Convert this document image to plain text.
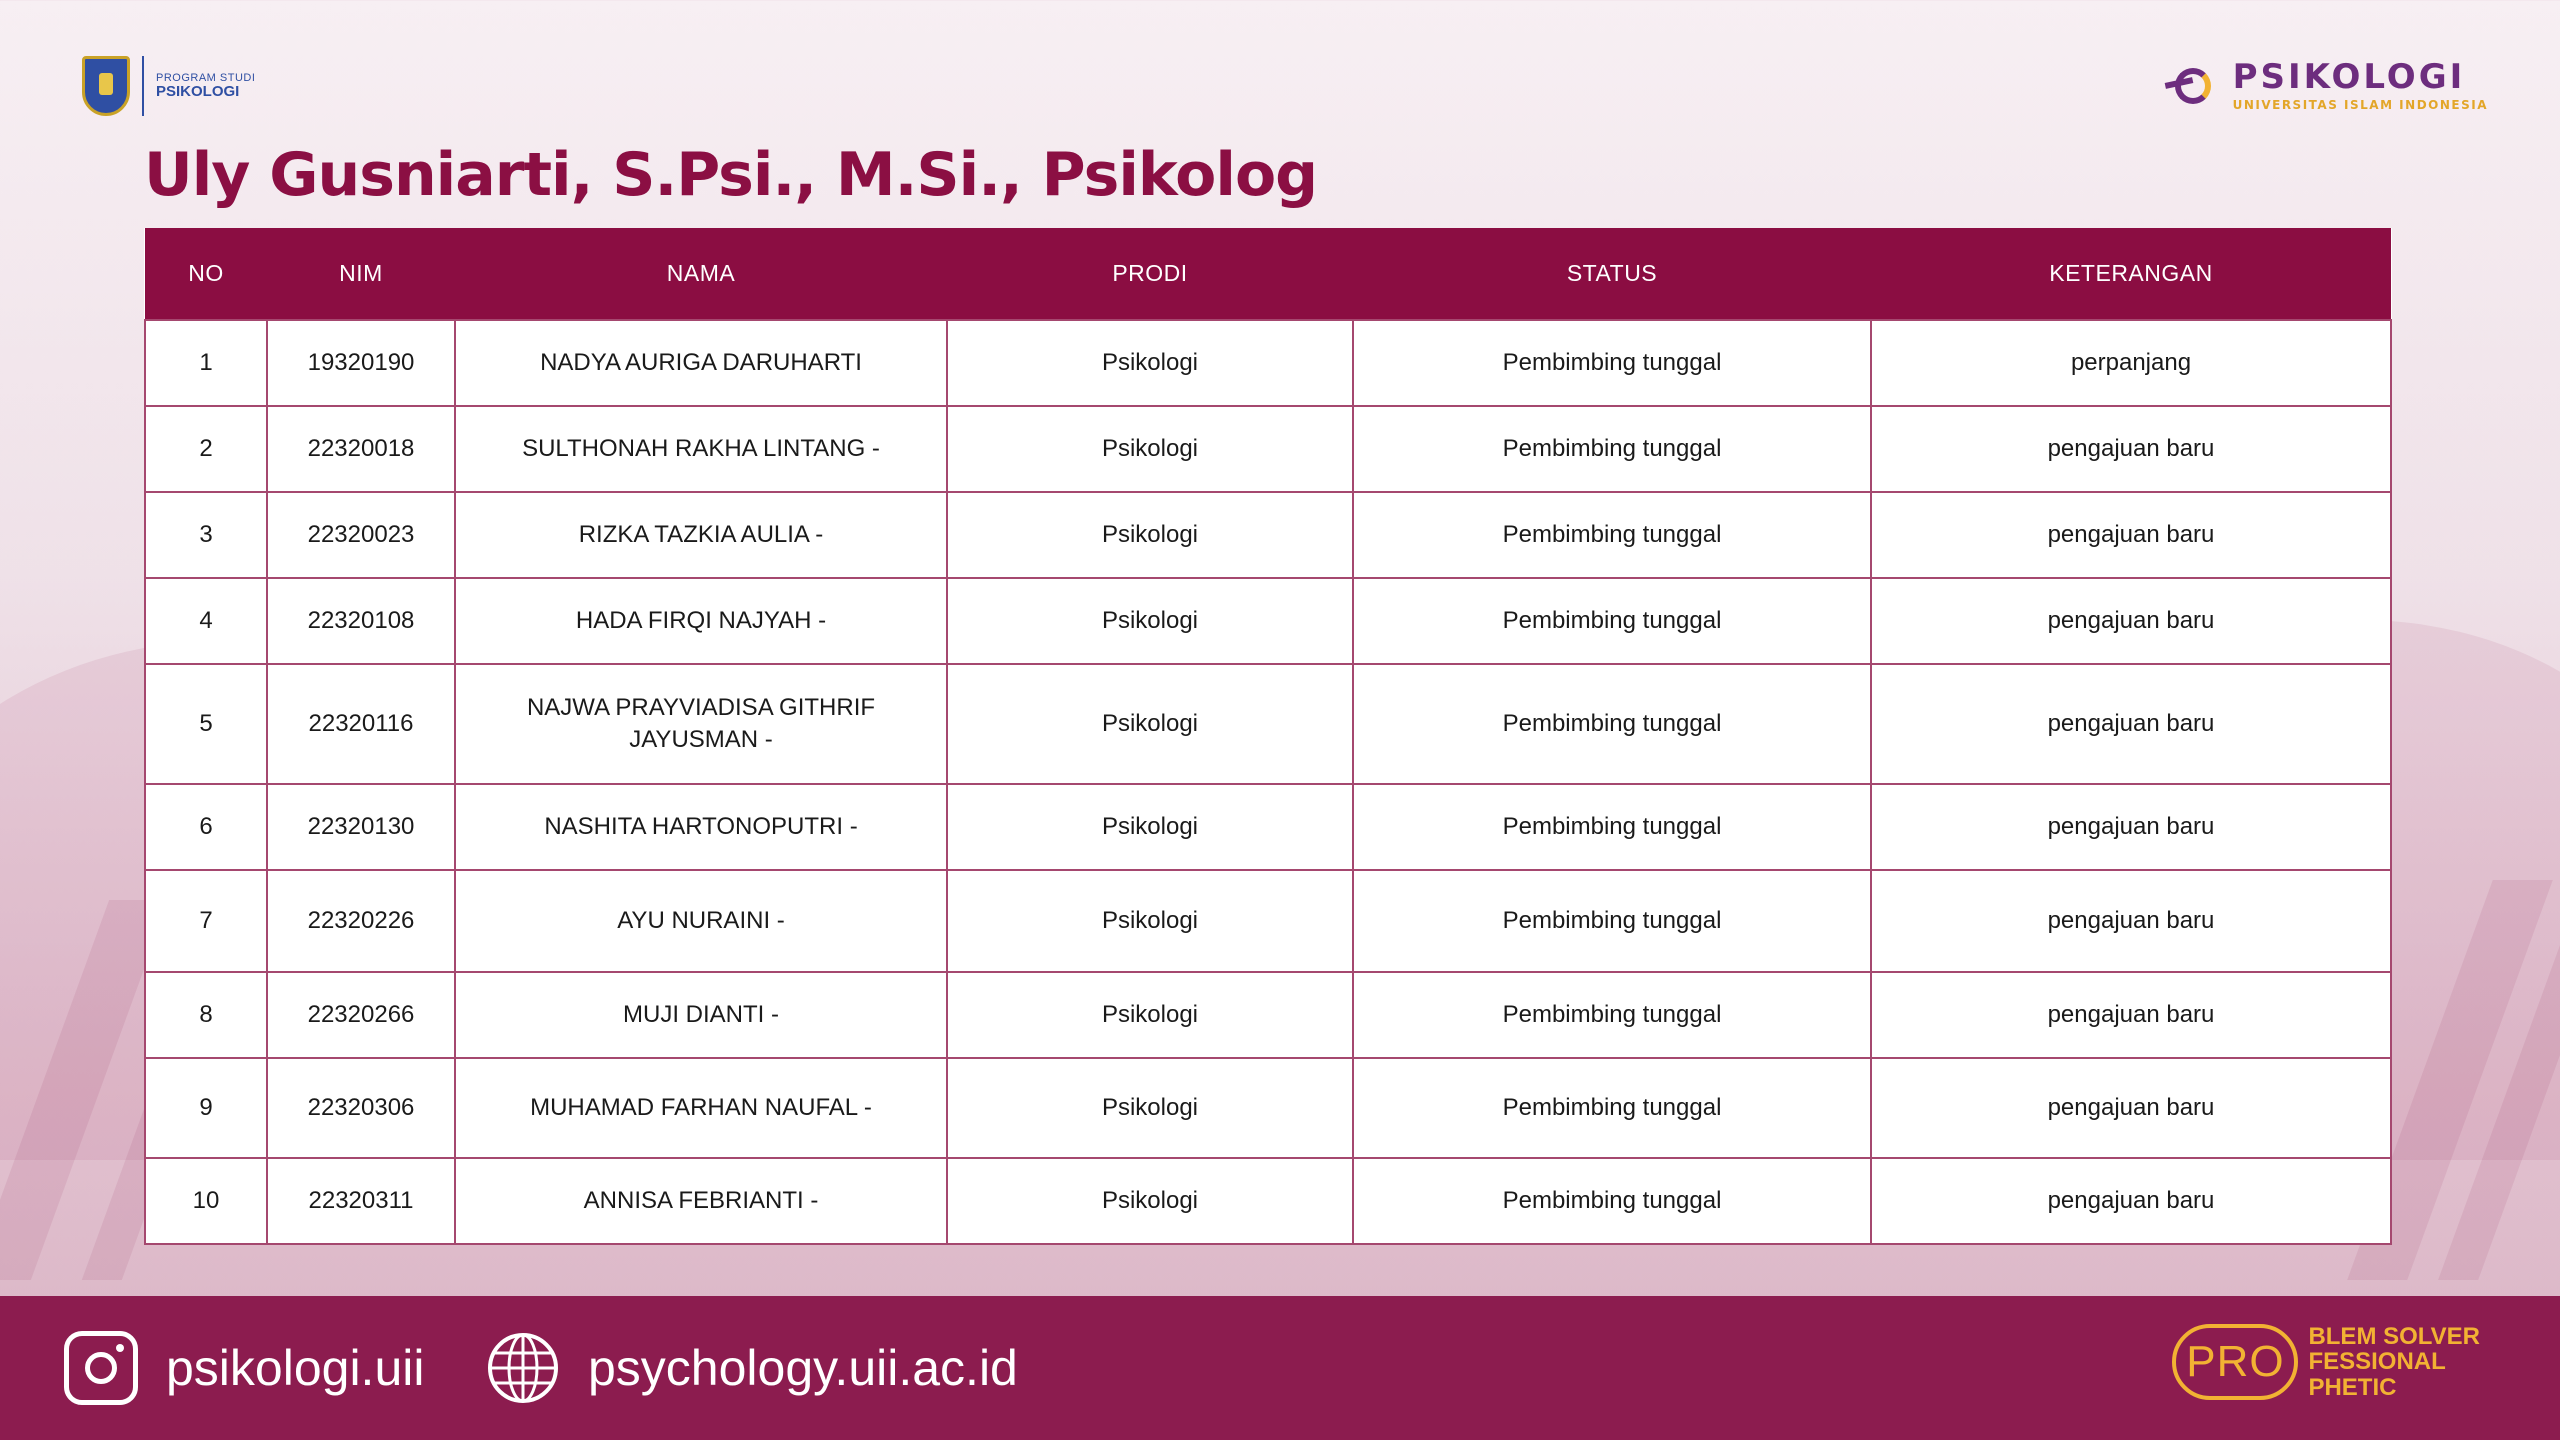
PROGRAM STUDI
PSIKOLOGI	PSIKOLOGI
UNIVERSITAS ISLAM INDONESIA
Uly Gusniarti, S.Psi., M.Si., Psikolog
NO	NIM	NAMA	PRODI	STATUS	KETERANGAN
1	19320190	NADYA AURIGA DARUHARTI	Psikologi	Pembimbing tunggal	perpanjang
2	22320018	SULTHONAH RAKHA LINTANG -	Psikologi	Pembimbing tunggal	pengajuan baru
3	22320023	RIZKA TAZKIA AULIA -	Psikologi	Pembimbing tunggal	pengajuan baru
4	22320108	HADA FIRQI NAJYAH -	Psikologi	Pembimbing tunggal	pengajuan baru
5	22320116	NAJWA PRAYVIADISA GITHRIF JAYUSMAN -	Psikologi	Pembimbing tunggal	pengajuan baru
6	22320130	NASHITA HARTONOPUTRI -	Psikologi	Pembimbing tunggal	pengajuan baru
7	22320226	AYU NURAINI -	Psikologi	Pembimbing tunggal	pengajuan baru
8	22320266	MUJI DIANTI -	Psikologi	Pembimbing tunggal	pengajuan baru
9	22320306	MUHAMAD FARHAN NAUFAL -	Psikologi	Pembimbing tunggal	pengajuan baru
10	22320311	ANNISA FEBRIANTI -	Psikologi	Pembimbing tunggal	pengajuan baru
psikologi.uii	psychology.uii.ac.id	PRO
BLEM SOLVER
FESSIONAL
PHETIC
